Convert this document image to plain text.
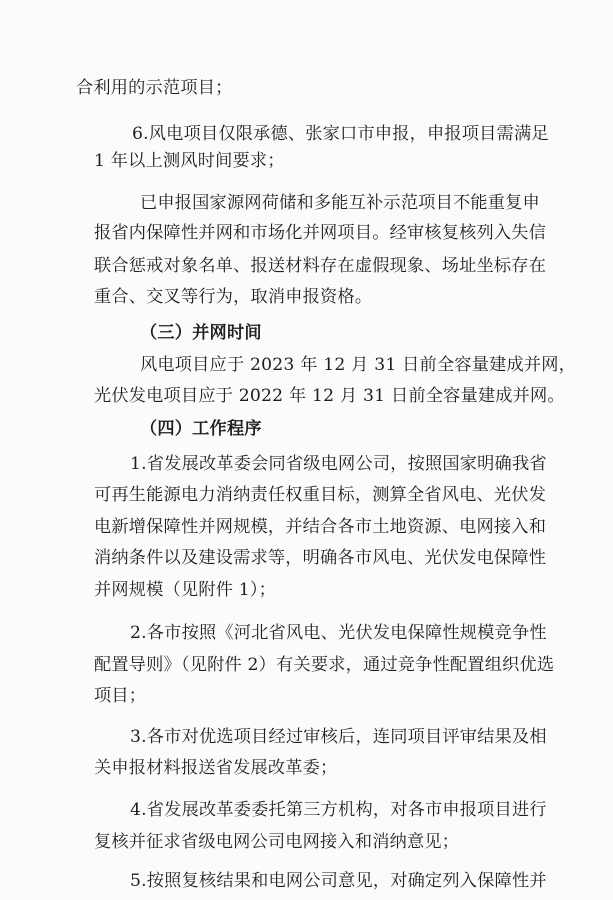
合利用的示范项目；
6.风电项目仅限承德、张家口市申报，申报项目需满足
1 年以上测风时间要求；
已申报国家源网荷储和多能互补示范项目不能重复申
报省内保障性并网和市场化并网项目。经审核复核列入失信
联合惩戒对象名单、报送材料存在虚假现象、场址坐标存在
重合、交叉等行为，取消申报资格。
（三）并网时间
风电项目应于 2023 年 12 月 31 日前全容量建成并网，
光伏发电项目应于 2022 年 12 月 31 日前全容量建成并网。
（四）工作程序
1.省发展改革委会同省级电网公司，按照国家明确我省
可再生能源电力消纳责任权重目标，测算全省风电、光伏发
电新增保障性并网规模，并结合各市土地资源、电网接入和
消纳条件以及建设需求等，明确各市风电、光伏发电保障性
并网规模（见附件 1）；
2.各市按照《河北省风电、光伏发电保障性规模竞争性
配置导则》（见附件 2）有关要求，通过竞争性配置组织优选
项目；
3.各市对优选项目经过审核后，连同项目评审结果及相
关申报材料报送省发展改革委；
4.省发展改革委委托第三方机构，对各市申报项目进行
复核并征求省级电网公司电网接入和消纳意见；
5.按照复核结果和电网公司意见，对确定列入保障性并
